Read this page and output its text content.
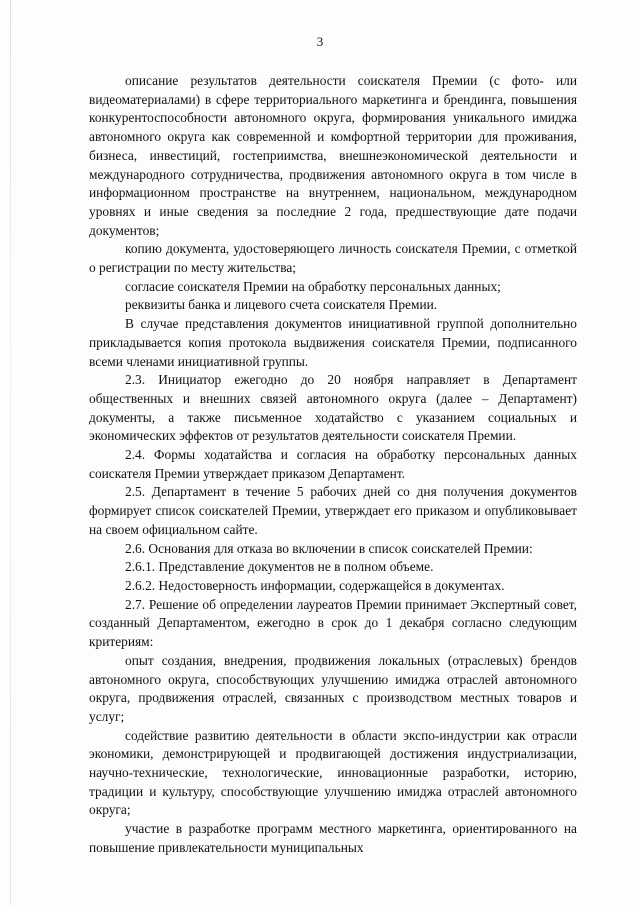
3

описание результатов деятельности соискателя Премии (с фото- или видеоматериалами) в сфере территориального маркетинга и брендинга, повышения конкурентоспособности автономного округа, формирования уникального имиджа автономного округа как современной и комфортной территории для проживания, бизнеса, инвестиций, гостеприимства, внешнеэкономической деятельности и международного сотрудничества, продвижения автономного округа в том числе в информационном пространстве на внутреннем, национальном, международном уровнях и иные сведения за последние 2 года, предшествующие дате подачи документов;

копию документа, удостоверяющего личность соискателя Премии, с отметкой о регистрации по месту жительства;

согласие соискателя Премии на обработку персональных данных;

реквизиты банка и лицевого счета соискателя Премии.

В случае представления документов инициативной группой дополнительно прикладывается копия протокола выдвижения соискателя Премии, подписанного всеми членами инициативной группы.

2.3. Инициатор ежегодно до 20 ноября направляет в Департамент общественных и внешних связей автономного округа (далее – Департамент) документы, а также письменное ходатайство с указанием социальных и экономических эффектов от результатов деятельности соискателя Премии.

2.4. Формы ходатайства и согласия на обработку персональных данных соискателя Премии утверждает приказом Департамент.

2.5. Департамент в течение 5 рабочих дней со дня получения документов формирует список соискателей Премии, утверждает его приказом и опубликовывает на своем официальном сайте.

2.6. Основания для отказа во включении в список соискателей Премии:

2.6.1. Представление документов не в полном объеме.

2.6.2. Недостоверность информации, содержащейся в документах.

2.7. Решение об определении лауреатов Премии принимает Экспертный совет, созданный Департаментом, ежегодно в срок до 1 декабря согласно следующим критериям:

опыт создания, внедрения, продвижения локальных (отраслевых) брендов автономного округа, способствующих улучшению имиджа отраслей автономного округа, продвижения отраслей, связанных с производством местных товаров и услуг;

содействие развитию деятельности в области экспо-индустрии как отрасли экономики, демонстрирующей и продвигающей достижения индустриализации, научно-технические, технологические, инновационные разработки, историю, традиции и культуру, способствующие улучшению имиджа отраслей автономного округа;

участие в разработке программ местного маркетинга, ориентированного на повышение привлекательности муниципальных
